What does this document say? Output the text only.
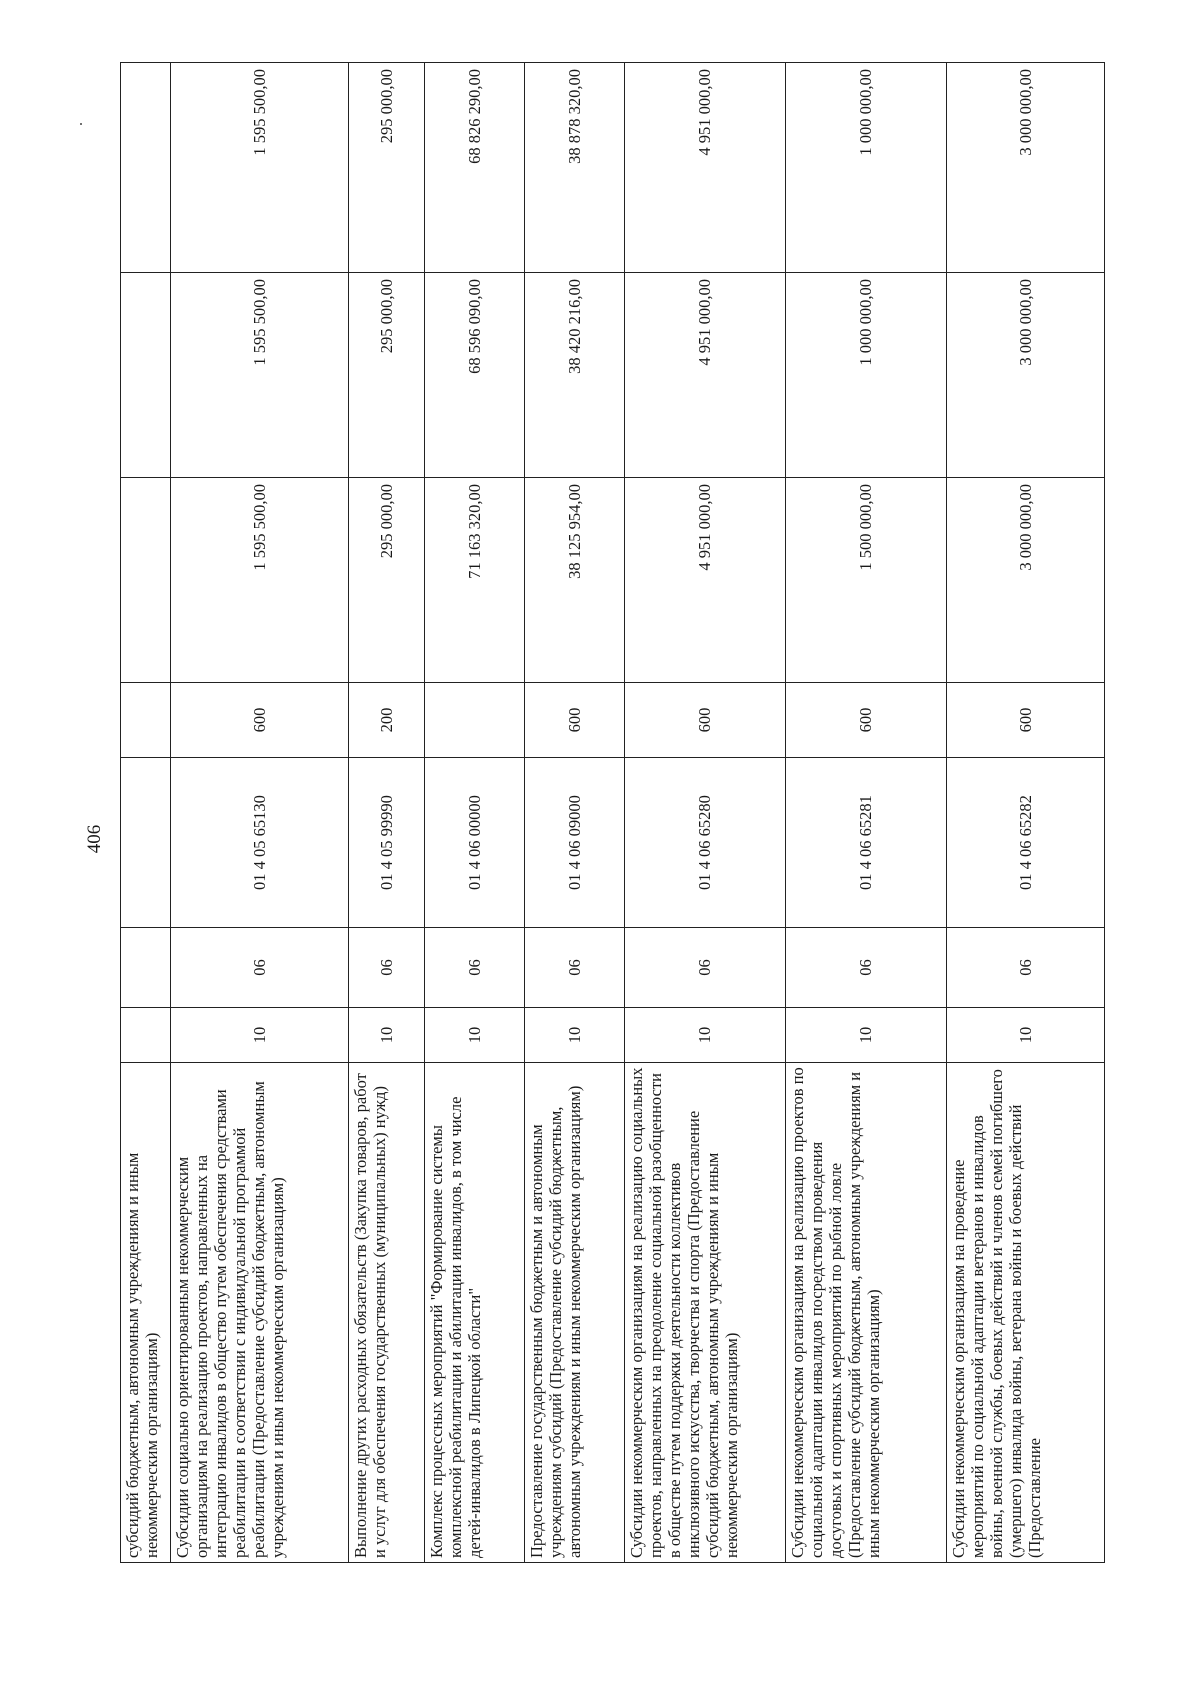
406
субсидий бюджетным, автономным учреждениям и иным некоммерческим организациям)							
Субсидии социально ориентированным некоммерческим организациям на реализацию проектов, направленных на интеграцию инвалидов в общество путем обеспечения средствами реабилитации в соответствии с индивидуальной программой реабилитации (Предоставление субсидий бюджетным, автономным учреждениям и иным некоммерческим организациям)	10	06	01 4 05 65130	600	1 595 500,00	1 595 500,00	1 595 500,00
Выполнение других расходных обязательств (Закупка товаров, работ и услуг для обеспечения государственных (муниципальных) нужд)	10	06	01 4 05 99990	200	295 000,00	295 000,00	295 000,00
Комплекс процессных мероприятий "Формирование системы комплексной реабилитации и абилитации инвалидов, в том числе детей-инвалидов в Липецкой области"	10	06	01 4 06 00000		71 163 320,00	68 596 090,00	68 826 290,00
Предоставление государственным бюджетным и автономным учреждениям субсидий (Предоставление субсидий бюджетным, автономным учреждениям и иным некоммерческим организациям)	10	06	01 4 06 09000	600	38 125 954,00	38 420 216,00	38 878 320,00
Субсидии некоммерческим организациям на реализацию социальных проектов, направленных на преодоление социальной разобщенности в обществе путем поддержки деятельности коллективов инклюзивного искусства, творчества и спорта (Предоставление субсидий бюджетным, автономным учреждениям и иным некоммерческим организациям)	10	06	01 4 06 65280	600	4 951 000,00	4 951 000,00	4 951 000,00
Субсидии некоммерческим организациям на реализацию проектов по социальной адаптации инвалидов посредством проведения досуговых и спортивных мероприятий по рыбной ловле (Предоставление субсидий бюджетным, автономным учреждениям и иным некоммерческим организациям)	10	06	01 4 06 65281	600	1 500 000,00	1 000 000,00	1 000 000,00
Субсидии некоммерческим организациям на проведение мероприятий по социальной адаптации ветеранов и инвалидов войны, военной службы, боевых действий и членов семей погибшего (умершего) инвалида войны, ветерана войны и боевых действий (Предоставление	10	06	01 4 06 65282	600	3 000 000,00	3 000 000,00	3 000 000,00
